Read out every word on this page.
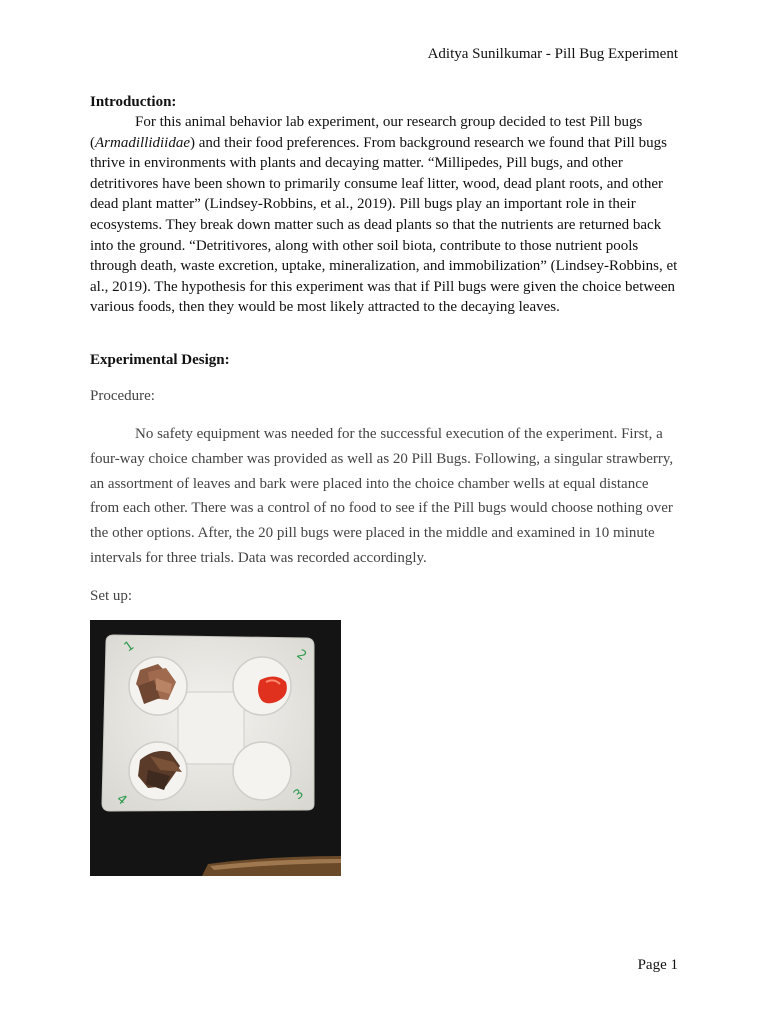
Aditya Sunilkumar - Pill Bug Experiment

Introduction:

For this animal behavior lab experiment, our research group decided to test Pill bugs (Armadillidiidae) and their food preferences. From background research we found that Pill bugs thrive in environments with plants and decaying matter. “Millipedes, Pill bugs, and other detritivores have been shown to primarily consume leaf litter, wood, dead plant roots, and other dead plant matter” (Lindsey-Robbins, et al., 2019). Pill bugs play an important role in their ecosystems. They break down matter such as dead plants so that the nutrients are returned back into the ground. “Detritivores, along with other soil biota, contribute to those nutrient pools through death, waste excretion, uptake, mineralization, and immobilization” (Lindsey-Robbins, et al., 2019). The hypothesis for this experiment was that if Pill bugs were given the choice between various foods, then they would be most likely attracted to the decaying leaves.

Experimental Design:

Procedure:

No safety equipment was needed for the successful execution of the experiment. First, a four-way choice chamber was provided as well as 20 Pill Bugs. Following, a singular strawberry, an assortment of leaves and bark were placed into the choice chamber wells at equal distance from each other. There was a control of no food to see if the Pill bugs would choose nothing over the other options. After, the 20 pill bugs were placed in the middle and examined in 10 minute intervals for three trials. Data was recorded accordingly.

Set up:

1
2
3
4
Page 1
